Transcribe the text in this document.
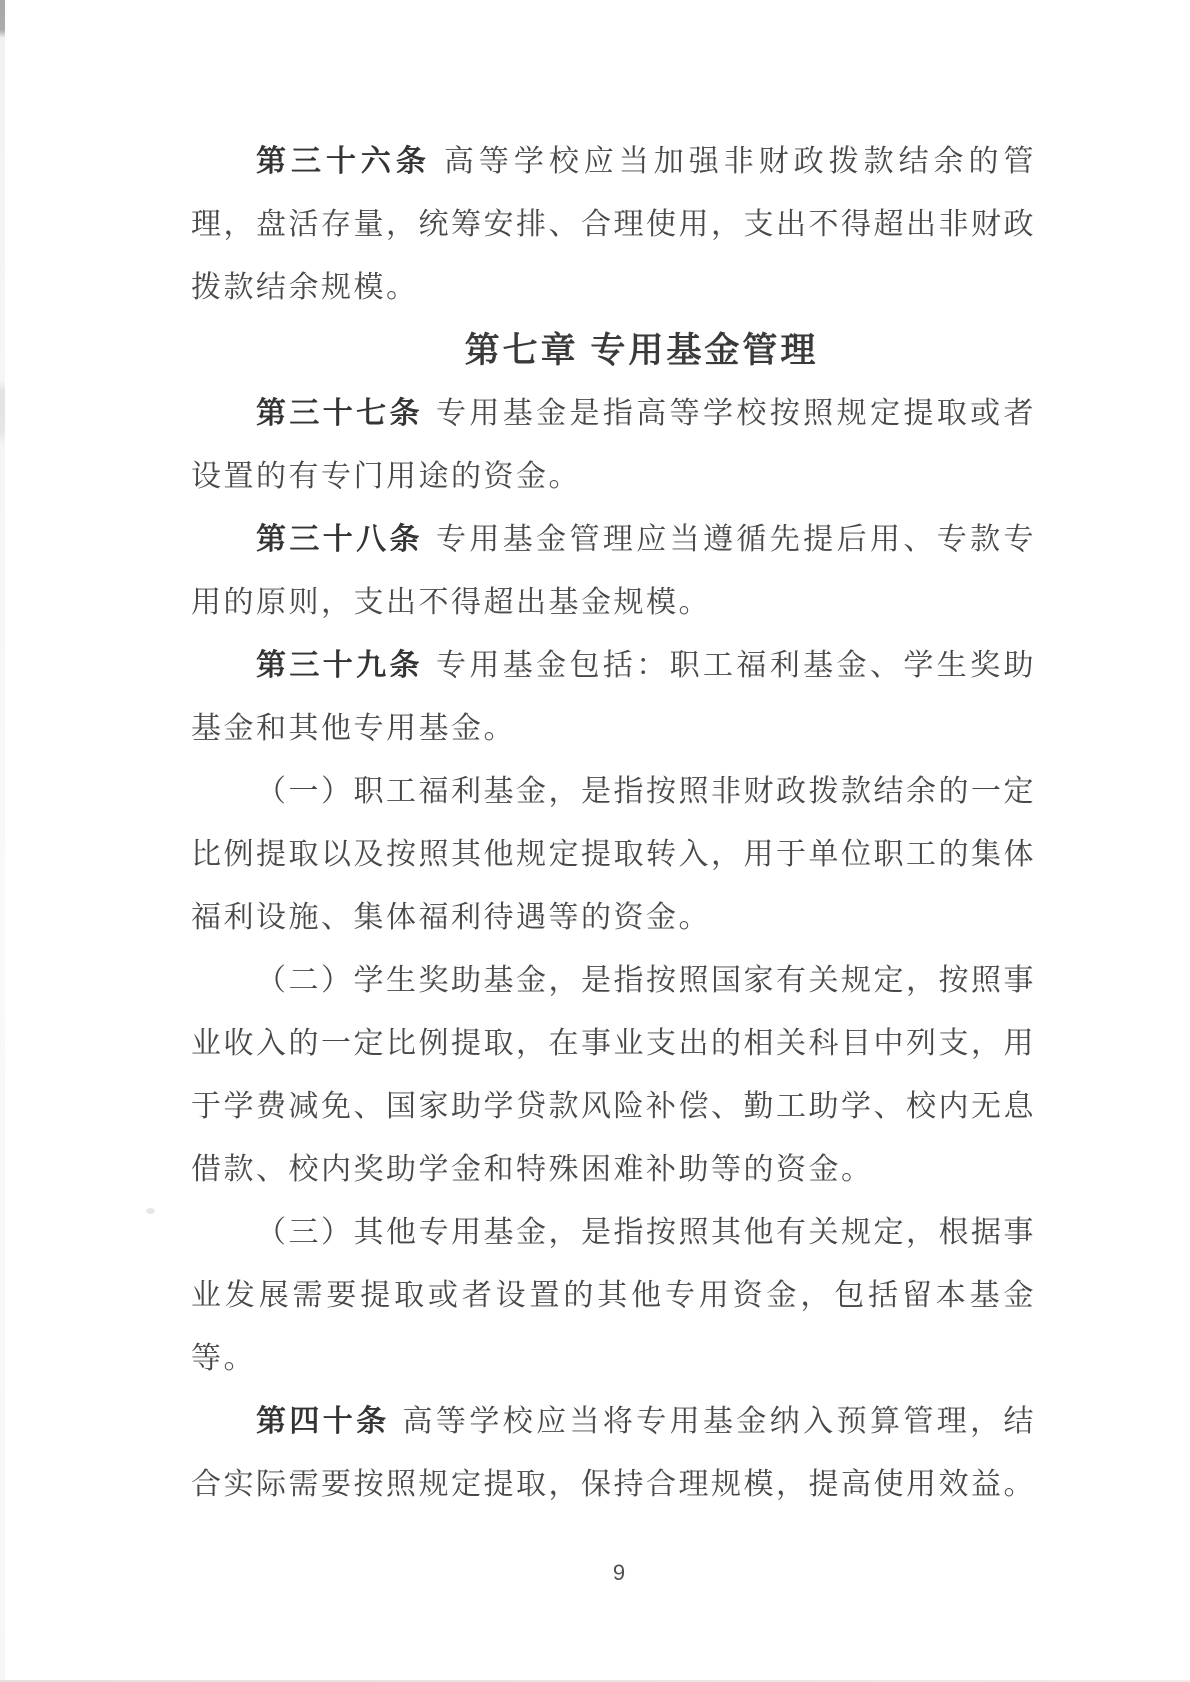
第三十六条 高等学校应当加强非财政拨款结余的管理，盘活存量，统筹安排、合理使用，支出不得超出非财政拨款结余规模。

第七章 专用基金管理

第三十七条 专用基金是指高等学校按照规定提取或者设置的有专门用途的资金。

第三十八条 专用基金管理应当遵循先提后用、专款专用的原则，支出不得超出基金规模。

第三十九条 专用基金包括：职工福利基金、学生奖助基金和其他专用基金。

（一）职工福利基金，是指按照非财政拨款结余的一定比例提取以及按照其他规定提取转入，用于单位职工的集体福利设施、集体福利待遇等的资金。

（二）学生奖助基金，是指按照国家有关规定，按照事业收入的一定比例提取，在事业支出的相关科目中列支，用于学费减免、国家助学贷款风险补偿、勤工助学、校内无息借款、校内奖助学金和特殊困难补助等的资金。

（三）其他专用基金，是指按照其他有关规定，根据事业发展需要提取或者设置的其他专用资金，包括留本基金等。

第四十条 高等学校应当将专用基金纳入预算管理，结合实际需要按照规定提取，保持合理规模，提高使用效益。

9
